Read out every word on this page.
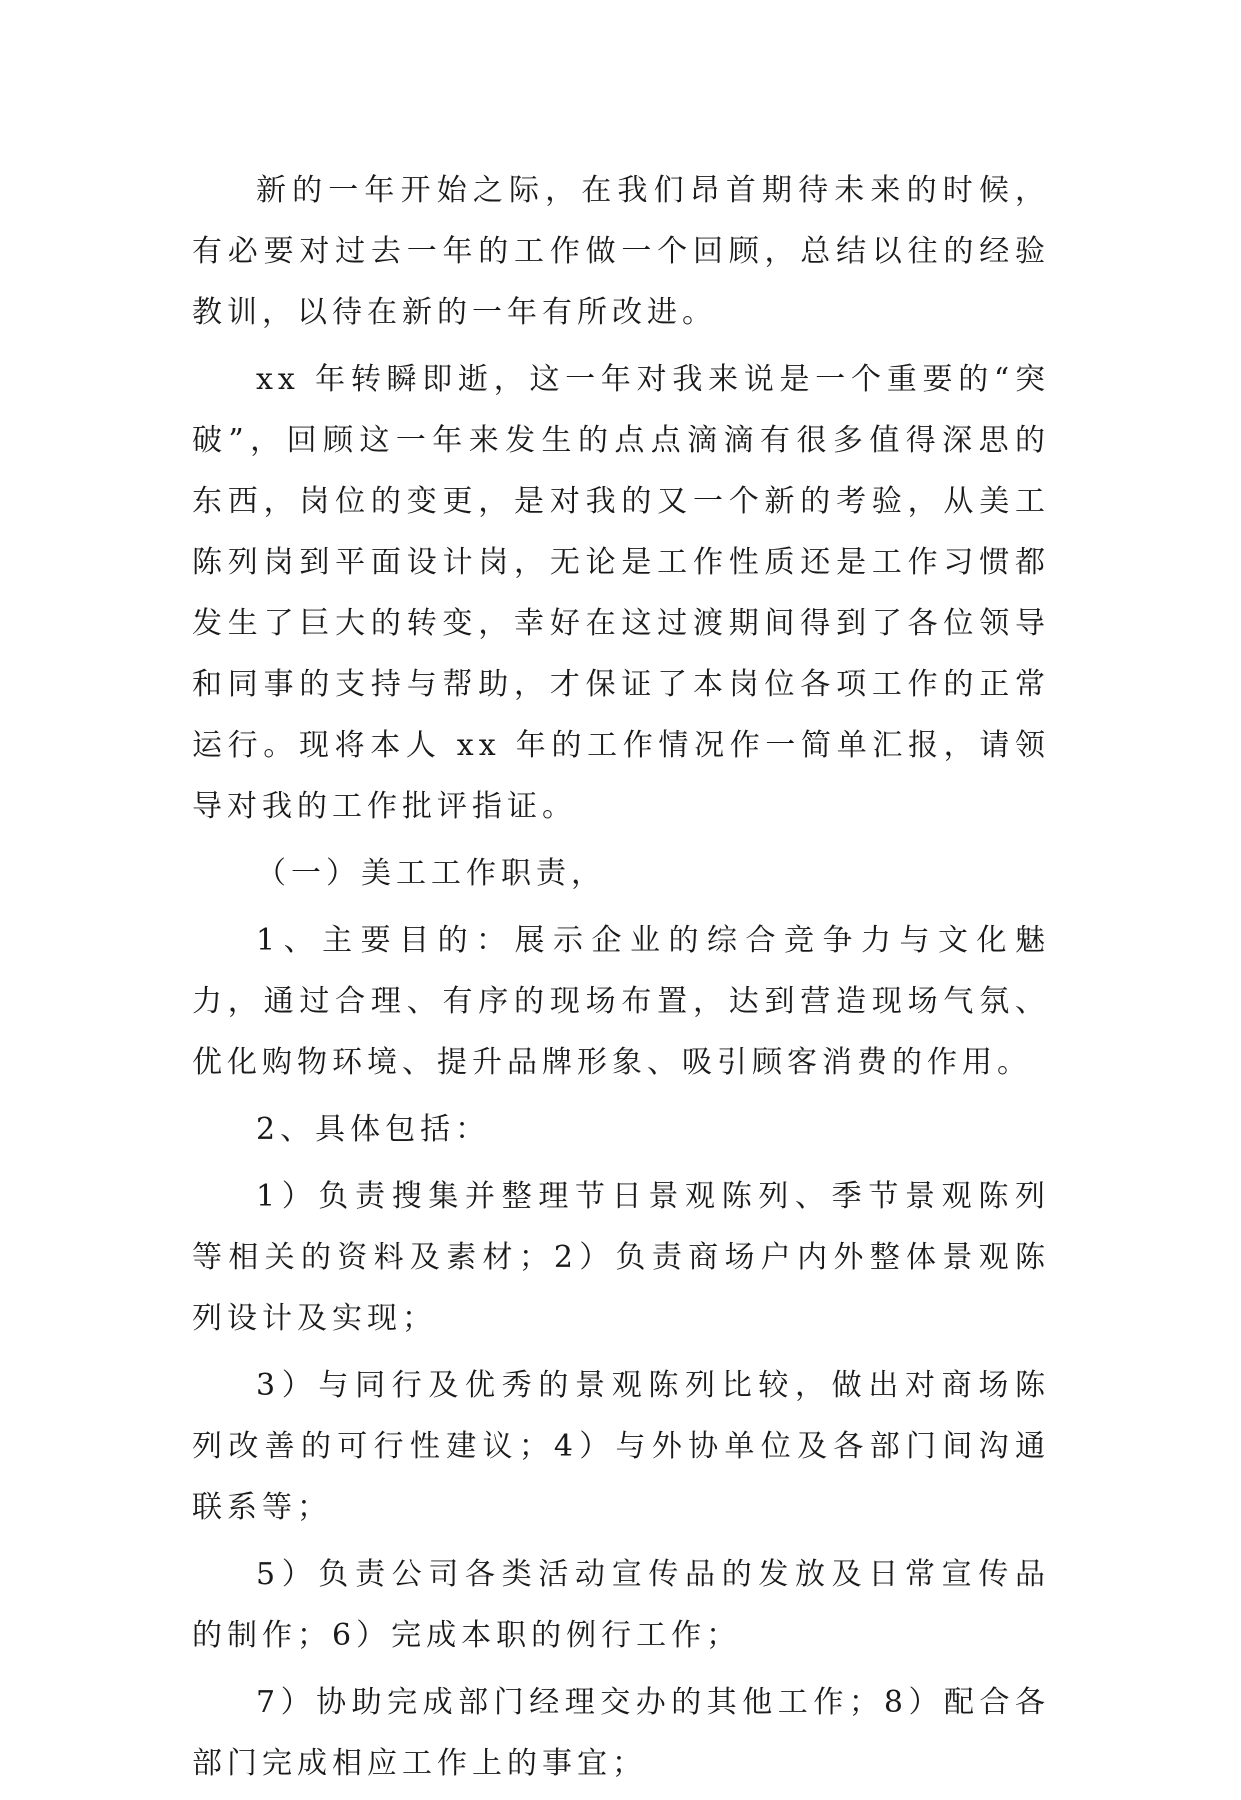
新的一年开始之际，在我们昂首期待未来的时候，有必要对过去一年的工作做一个回顾，总结以往的经验教训，以待在新的一年有所改进。

xx 年转瞬即逝，这一年对我来说是一个重要的“突破”，回顾这一年来发生的点点滴滴有很多值得深思的东西，岗位的变更，是对我的又一个新的考验，从美工陈列岗到平面设计岗，无论是工作性质还是工作习惯都发生了巨大的转变，幸好在这过渡期间得到了各位领导和同事的支持与帮助，才保证了本岗位各项工作的正常运行。现将本人 xx 年的工作情况作一简单汇报，请领导对我的工作批评指证。

（一）美工工作职责，

1、主要目的：展示企业的综合竞争力与文化魅力，通过合理、有序的现场布置，达到营造现场气氛、优化购物环境、提升品牌形象、吸引顾客消费的作用。

2、具体包括：

1）负责搜集并整理节日景观陈列、季节景观陈列等相关的资料及素材；2）负责商场户内外整体景观陈列设计及实现；

3）与同行及优秀的景观陈列比较，做出对商场陈列改善的可行性建议；4）与外协单位及各部门间沟通联系等；

5）负责公司各类活动宣传品的发放及日常宣传品的制作；6）完成本职的例行工作；

7）协助完成部门经理交办的其他工作；8）配合各部门完成相应工作上的事宜；
